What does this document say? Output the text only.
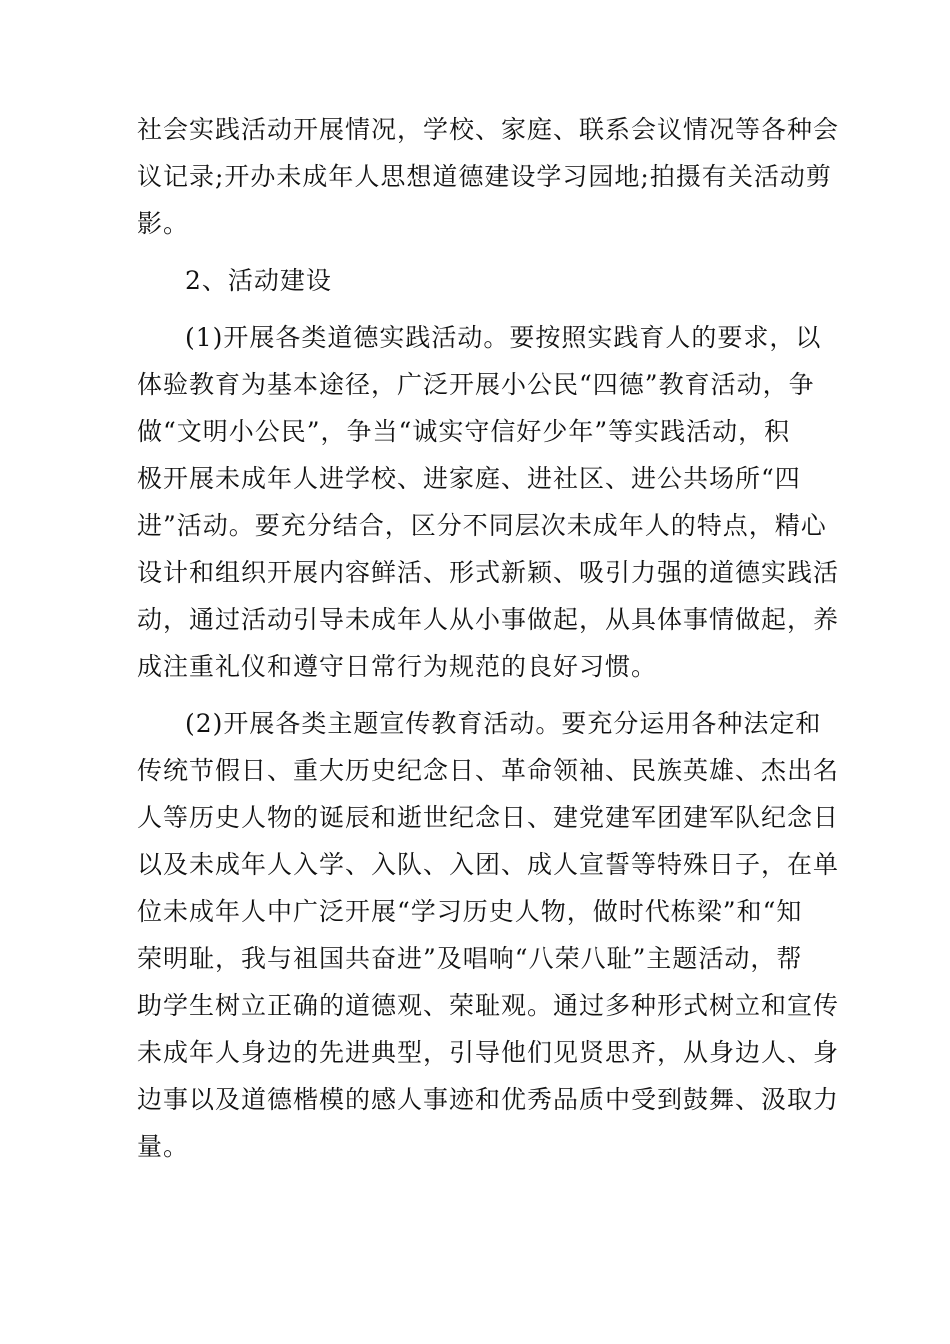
社会实践活动开展情况，学校、家庭、联系会议情况等各种会
议记录;开办未成年人思想道德建设学习园地;拍摄有关活动剪
影。
2、活动建设
(1)开展各类道德实践活动。要按照实践育人的要求，以
体验教育为基本途径，广泛开展小公民“四德”教育活动，争
做“文明小公民”，争当“诚实守信好少年”等实践活动，积
极开展未成年人进学校、进家庭、进社区、进公共场所“四
进”活动。要充分结合，区分不同层次未成年人的特点，精心
设计和组织开展内容鲜活、形式新颖、吸引力强的道德实践活
动，通过活动引导未成年人从小事做起，从具体事情做起，养
成注重礼仪和遵守日常行为规范的良好习惯。
(2)开展各类主题宣传教育活动。要充分运用各种法定和
传统节假日、重大历史纪念日、革命领袖、民族英雄、杰出名
人等历史人物的诞辰和逝世纪念日、建党建军团建军队纪念日
以及未成年人入学、入队、入团、成人宣誓等特殊日子，在单
位未成年人中广泛开展“学习历史人物，做时代栋梁”和“知
荣明耻，我与祖国共奋进”及唱响“八荣八耻”主题活动，帮
助学生树立正确的道德观、荣耻观。通过多种形式树立和宣传
未成年人身边的先进典型，引导他们见贤思齐，从身边人、身
边事以及道德楷模的感人事迹和优秀品质中受到鼓舞、汲取力
量。
